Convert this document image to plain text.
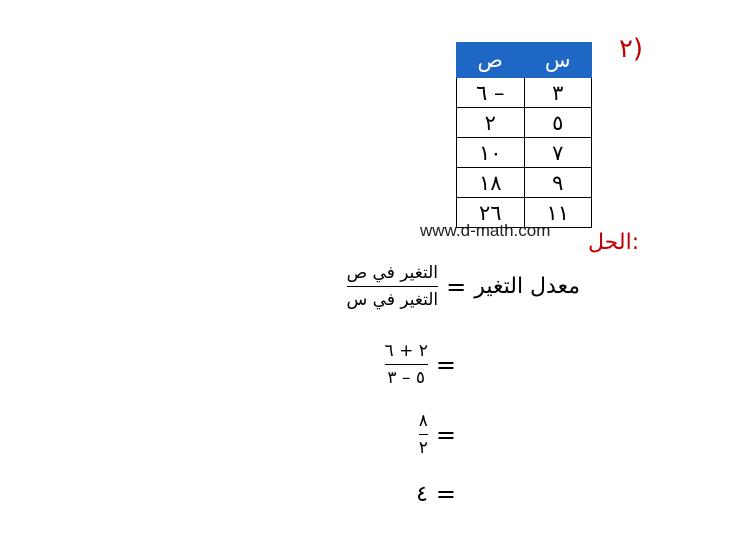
٢)
ص	س
٦ –	٣
٢	٥
١٠	٧
١٨	٩
٢٦	١١
www.d-math.com الحل:
$\frac{\text{التغير في ص}}{\text{التغير في س}}$ = معدل التغير
$\frac{٢ + ٦}{٥ - ٣}$ =
$\frac{٨}{٢}$ =
٤ =
